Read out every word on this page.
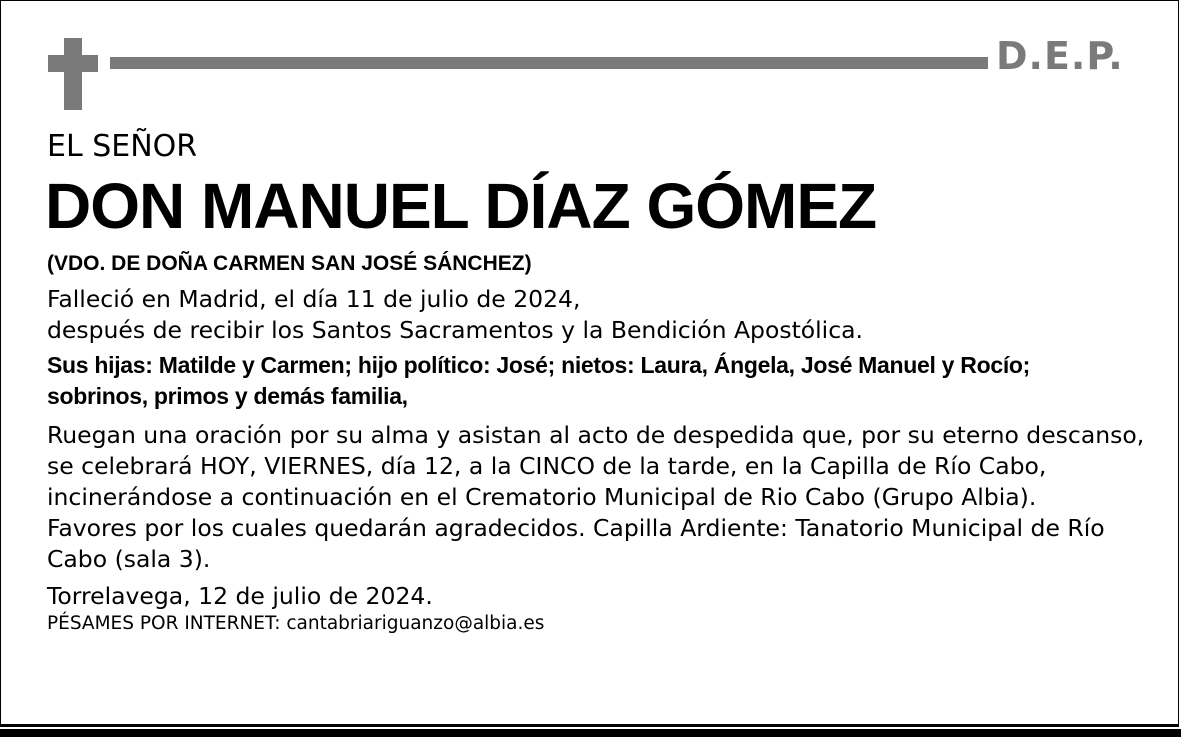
D.E.P.
EL SEÑOR
DON MANUEL DÍAZ GÓMEZ
(VDO. DE DOÑA CARMEN SAN JOSÉ SÁNCHEZ)
Falleció en Madrid, el día 11 de julio de 2024,
después de recibir los Santos Sacramentos y la Bendición Apostólica.
Sus hijas: Matilde y Carmen; hijo político: José; nietos: Laura, Ángela, José Manuel y Rocío;
sobrinos, primos y demás familia,
Ruegan una oración por su alma y asistan al acto de despedida que, por su eterno descanso,
se celebrará HOY, VIERNES, día 12, a la CINCO de la tarde, en la Capilla de Río Cabo,
incinerándose a continuación en el Crematorio Municipal de Rio Cabo (Grupo Albia).
Favores por los cuales quedarán agradecidos. Capilla Ardiente: Tanatorio Municipal de Río
Cabo (sala 3).
Torrelavega, 12 de julio de 2024.
PÉSAMES POR INTERNET: cantabriariguanzo@albia.es
